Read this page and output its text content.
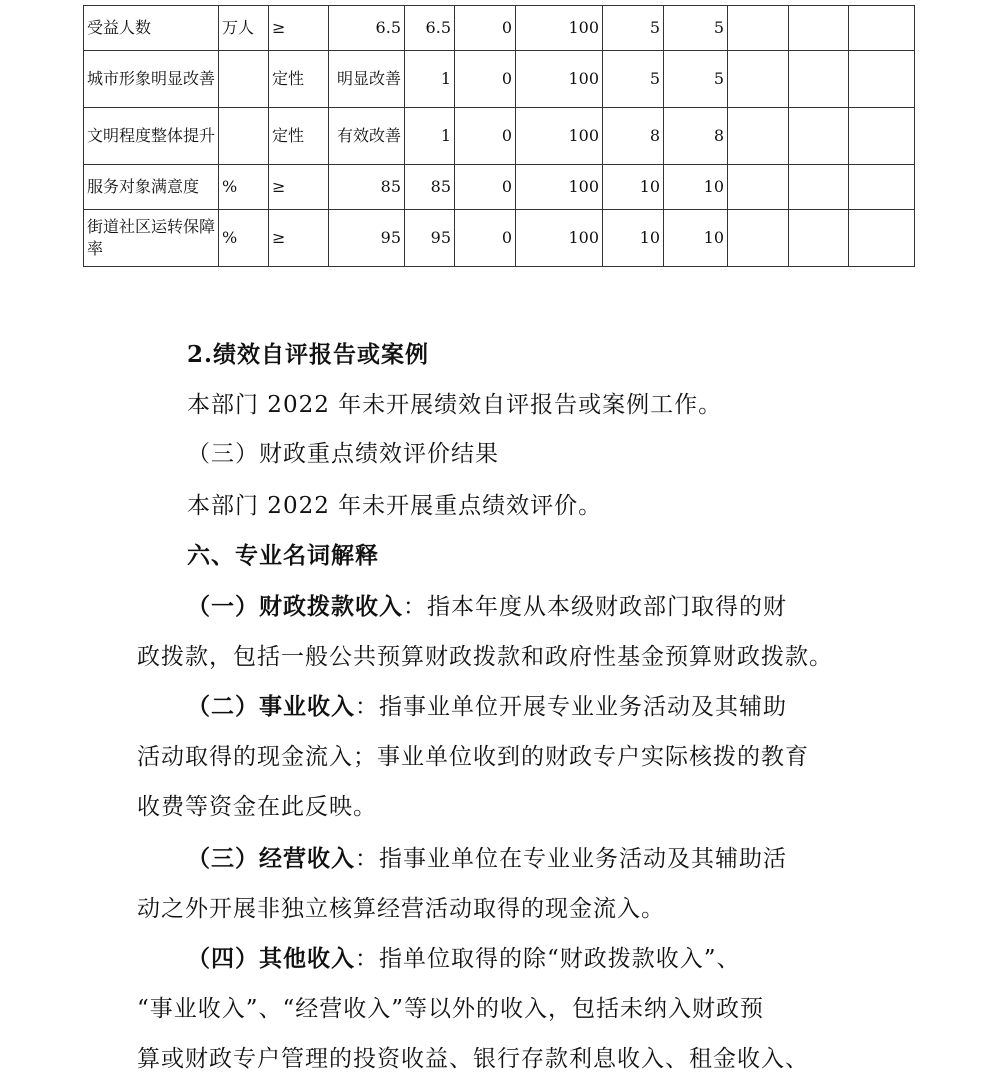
受益人数	万人	≥	6.5	6.5	0	100	5	5			
城市形象明显改善		定性	明显改善	1	0	100	5	5			
文明程度整体提升		定性	有效改善	1	0	100	8	8			
服务对象满意度	%	≥	85	85	0	100	10	10			
街道社区运转保障率	%	≥	95	95	0	100	10	10			
2.绩效自评报告或案例
本部门 2022 年未开展绩效自评报告或案例工作。
（三）财政重点绩效评价结果
本部门 2022 年未开展重点绩效评价。
六、专业名词解释
（一）财政拨款收入：指本年度从本级财政部门取得的财
政拨款，包括一般公共预算财政拨款和政府性基金预算财政拨款。
（二）事业收入：指事业单位开展专业业务活动及其辅助
活动取得的现金流入；事业单位收到的财政专户实际核拨的教育
收费等资金在此反映。
（三）经营收入：指事业单位在专业业务活动及其辅助活
动之外开展非独立核算经营活动取得的现金流入。
（四）其他收入：指单位取得的除“财政拨款收入”、
“事业收入”、“经营收入”等以外的收入，包括未纳入财政预
算或财政专户管理的投资收益、银行存款利息收入、租金收入、
